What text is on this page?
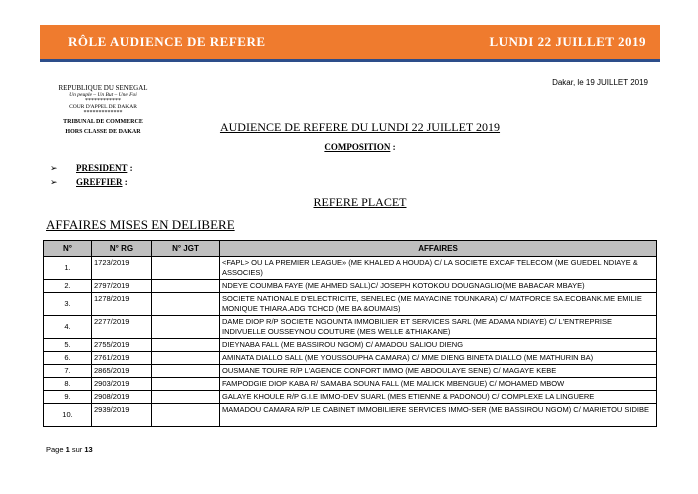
RÔLE AUDIENCE DE REFERE	LUNDI 22 JUILLET 2019
Dakar, le 19 JUILLET 2019
REPUBLIQUE DU SENEGAL
Un peuple – Un But – Une Foi
************
COUR D'APPEL DE DAKAR
*************
TRIBUNAL DE COMMERCE
HORS CLASSE DE DAKAR	AUDIENCE DE REFERE DU LUNDI 22 JUILLET 2019
COMPOSITION :
➢ PRESIDENT :
➢ GREFFIER :
REFERE PLACET
AFFAIRES MISES EN DELIBERE
N°	N° RG	N° JGT	AFFAIRES
1.	1723/2019		<FAPL> OU LA PREMIER LEAGUE» (ME KHALED A HOUDA) C/ LA SOCIETE EXCAF TELECOM (ME GUEDEL NDIAYE & ASSOCIES)
2.	2797/2019		NDEYE COUMBA FAYE (ME AHMED SALL)C/ JOSEPH KOTOKOU DOUGNAGLIO(ME BABACAR MBAYE)
3.	1278/2019		SOCIETE NATIONALE D'ELECTRICITE, SENELEC (ME MAYACINE TOUNKARA) C/ MATFORCE SA.ECOBANK.ME EMILIE MONIQUE THIARA.ADG TCHCD (ME BA &OUMAIS)
4.	2277/2019		DAME DIOP R/P SOCIETE NGOUNTA IMMOBILIER ET SERVICES SARL (ME ADAMA NDIAYE) C/ L'ENTREPRISE INDIVUELLE OUSSEYNOU COUTURE (MES WELLE &THIAKANE)
5.	2755/2019		DIEYNABA FALL (ME BASSIROU NGOM) C/ AMADOU SALIOU DIENG
6.	2761/2019		AMINATA DIALLO SALL (ME YOUSSOUPHA CAMARA) C/ MME DIENG BINETA DIALLO (ME MATHURIN BA)
7.	2865/2019		OUSMANE TOURE R/P L'AGENCE CONFORT IMMO (ME ABDOULAYE SENE) C/ MAGAYE KEBE
8.	2903/2019		FAMPODGIE DIOP KABA R/ SAMABA SOUNA FALL (ME MALICK MBENGUE) C/ MOHAMED MBOW
9.	2908/2019		GALAYE KHOULE R/P G.I.E IMMO-DEV SUARL (MES ETIENNE & PADONOU) C/ COMPLEXE LA LINGUERE
10.	2939/2019		MAMADOU CAMARA R/P LE CABINET IMMOBILIERE SERVICES IMMO-SER (ME BASSIROU NGOM) C/ MARIETOU SIDIBE
Page 1 sur 13
